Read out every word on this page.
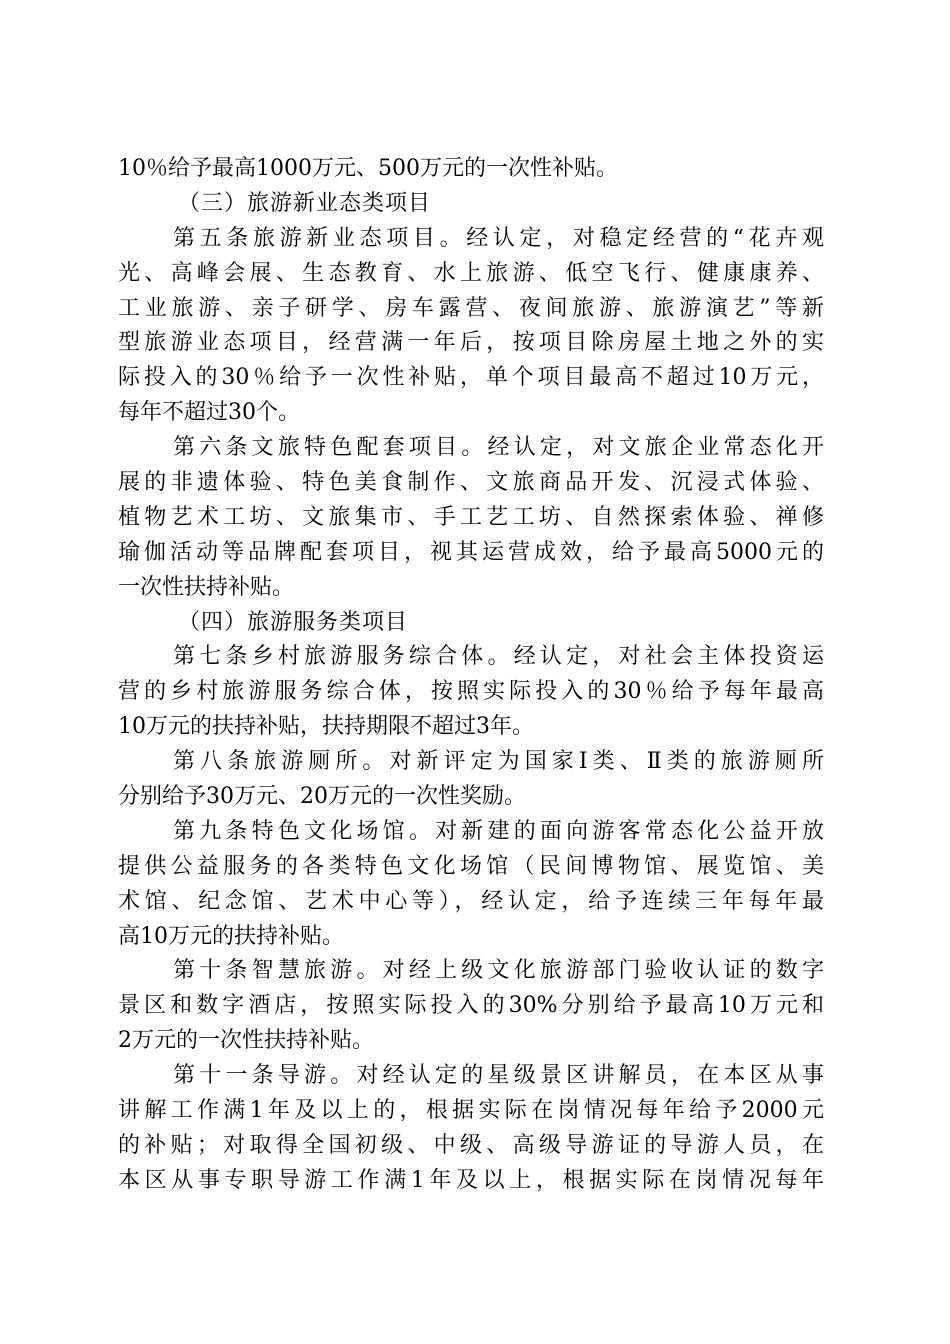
10％给予最高1000万元、500万元的一次性补贴。
（三）旅游新业态类项目
第五条旅游新业态项目。经认定，对稳定经营的“花卉观
光、高峰会展、生态教育、水上旅游、低空飞行、健康康养、
工业旅游、亲子研学、房车露营、夜间旅游、旅游演艺”等新
型旅游业态项目，经营满一年后，按项目除房屋土地之外的实
际投入的30％给予一次性补贴，单个项目最高不超过10万元，
每年不超过30个。
第六条文旅特色配套项目。经认定，对文旅企业常态化开
展的非遗体验、特色美食制作、文旅商品开发、沉浸式体验、
植物艺术工坊、文旅集市、手工艺工坊、自然探索体验、禅修
瑜伽活动等品牌配套项目，视其运营成效，给予最高5000元的
一次性扶持补贴。
（四）旅游服务类项目
第七条乡村旅游服务综合体。经认定，对社会主体投资运
营的乡村旅游服务综合体，按照实际投入的30％给予每年最高
10万元的扶持补贴，扶持期限不超过3年。
第八条旅游厕所。对新评定为国家Ⅰ类、Ⅱ类的旅游厕所
分别给予30万元、20万元的一次性奖励。
第九条特色文化场馆。对新建的面向游客常态化公益开放
提供公益服务的各类特色文化场馆（民间博物馆、展览馆、美
术馆、纪念馆、艺术中心等），经认定，给予连续三年每年最
高10万元的扶持补贴。
第十条智慧旅游。对经上级文化旅游部门验收认证的数字
景区和数字酒店，按照实际投入的30%分别给予最高10万元和
2万元的一次性扶持补贴。
第十一条导游。对经认定的星级景区讲解员，在本区从事
讲解工作满1年及以上的，根据实际在岗情况每年给予2000元
的补贴；对取得全国初级、中级、高级导游证的导游人员，在
本区从事专职导游工作满1年及以上，根据实际在岗情况每年
